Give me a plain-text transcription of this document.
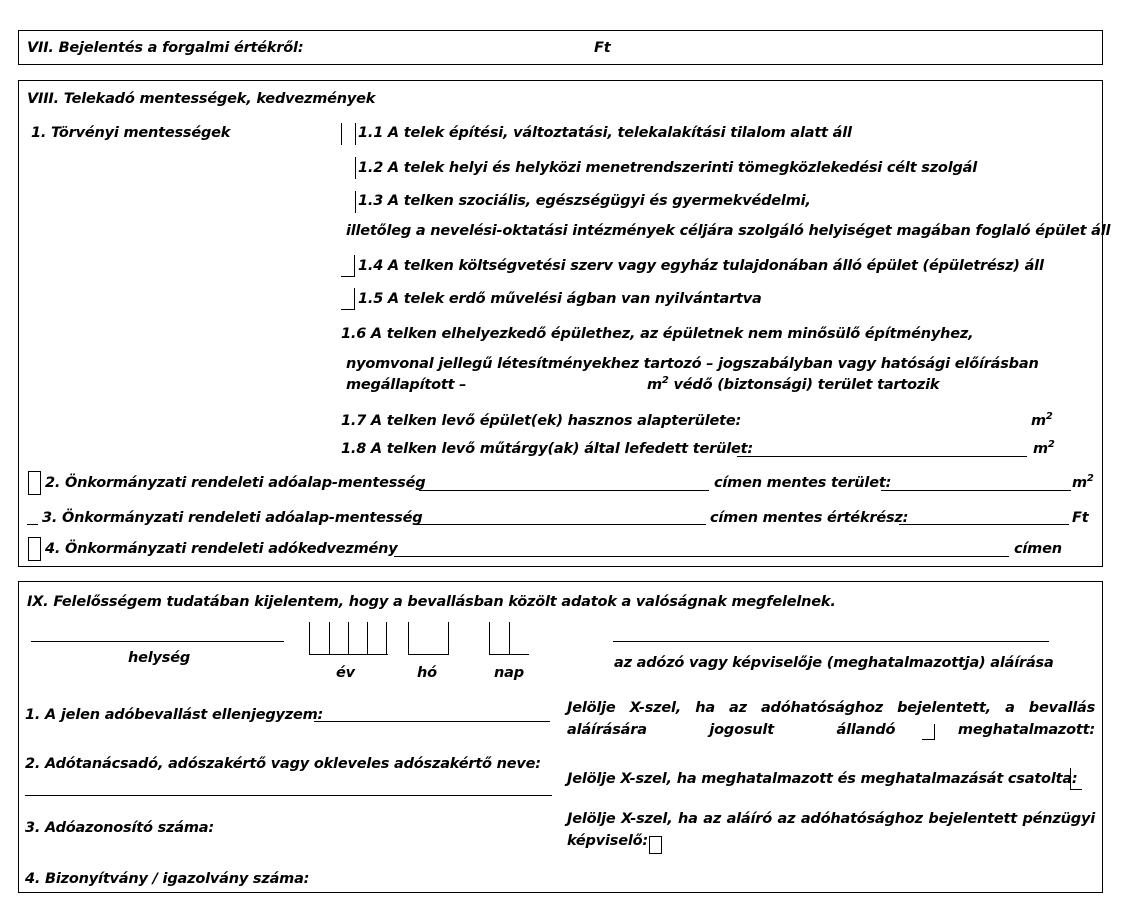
VII. Bejelentés a forgalmi értékről:	Ft
VIII. Telekadó mentességek, kedvezmények
1. Törvényi mentességek	1.1 A telek építési, változtatási, telekalakítási tilalom alatt áll
1.2 A telek helyi és helyközi menetrendszerinti tömegközlekedési célt szolgál
1.3 A telken szociális, egészségügyi és gyermekvédelmi,
illetőleg a nevelési-oktatási intézmények céljára szolgáló helyiséget magában foglaló épület áll
1.4 A telken költségvetési szerv vagy egyház tulajdonában álló épület (épületrész) áll
1.5 A telek erdő művelési ágban van nyilvántartva
1.6 A telken elhelyezkedő épülethez, az épületnek nem minősülő építményhez,
nyomvonal jellegű létesítményekhez tartozó – jogszabályban vagy hatósági előírásban
megállapított –	$m^2$ védő (biztonsági) terület tartozik
1.7 A telken levő épület(ek) hasznos alapterülete:	$m^2$
1.8 A telken levő műtárgy(ak) által lefedett terület:	$m^2$
2. Önkormányzati rendeleti adóalap-mentesség	címen mentes terület:	$m^2$
3. Önkormányzati rendeleti adóalap-mentesség	címen mentes értékrész:	Ft
4. Önkormányzati rendeleti adókedvezmény	címen
IX. Felelősségem tudatában kijelentem, hogy a bevallásban közölt adatok a valóságnak megfelelnek.
helység
év	hó	nap
az adózó vagy képviselője (meghatalmazottja) aláírása
1. A jelen adóbevallást ellenjegyzem:
2. Adótanácsadó, adószakértő vagy okleveles adószakértő neve:
3. Adóazonosító száma:
4. Bizonyítvány / igazolvány száma:
Jelölje X-szel, ha az adóhatósághoz bejelentett, a bevallás aláírására jogosult állandó meghatalmazott:
Jelölje X-szel, ha meghatalmazott és meghatalmazását csatolta:
Jelölje X-szel, ha az aláíró az adóhatósághoz bejelentett pénzügyi képviselő:
